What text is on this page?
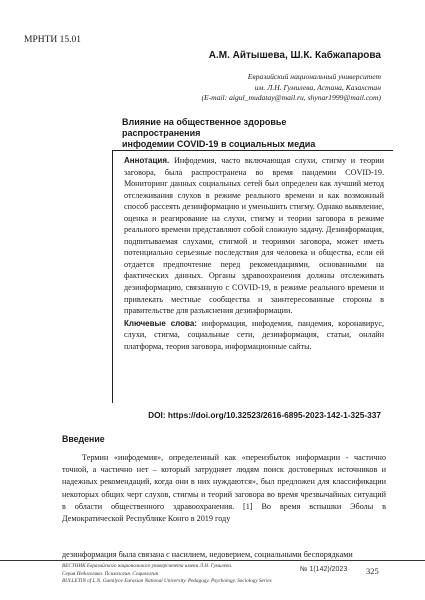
МРНТИ 15.01
А.М. Айтышева, Ш.К. Кабжапарова
Евразийский национальный университет
им. Л.Н. Гумилева, Астана, Казахстан
(E-mail: aigul_mudatay@mail.ru, shynar1999@mail.com)
Влияние на общественное здоровье распространения
инфодемии COVID-19 в социальных медиа
Аннотация. Инфодемия, часто включающая слухи, стигму и теории заговора, была распространена во время пандемии COVID-19. Мониторинг данных социальных сетей был определен как лучший метод отслеживания слухов в режиме реального времени и как возможный способ рассеять дезинформацию и уменьшить стигму. Однако выявление, оценка и реагирование на слухи, стигму и теории заговора в режиме реального времени представляют собой сложную задачу. Дезинформация, подпитываемая слухами, стигмой и теориями заговора, может иметь потенциально серьезные последствия для человека и общества, если ей отдается предпочтение перед рекомендациями, основанными на фактических данных. Органы здравоохранения должны отслеживать дезинформацию, связанную с COVID-19, в режиме реального времени и привлекать местные сообщества и заинтересованные стороны в правительстве для разъяснения дезинформации.
Ключевые слова: информация, инфодемия, пандемия, коронавирус, слухи, стигма, социальные сети, дезинформация, статьи, онлайн платформа, теория заговора, информационные сайты.
DOI: https://doi.org/10.32523/2616-6895-2023-142-1-325-337
Введение
Термин «инфодемия», определенный как «переизбыток информации - частично точной, а частично нет – который затрудняет людям поиск достоверных источников и надежных рекомендаций, когда они в них нуждаются», был предложен для классификации некоторых общих черт слухов, стигмы и теорий заговора во время чрезвычайных ситуаций в области общественного здравоохранения. [1] Во время вспышки Эболы в Демократической Республике Конго в 2019 году
дезинформация была связана с насилием, недоверием, социальными беспорядками
ВЕСТНИК Евразийского национального университета имени Л.Н. Гумилева.
Серия Педагогика. Психология. Социология
BULLETIN of L.N. Gumilyov Eurasian National University. Pedagogy. Psychology. Sociology Series
№ 1(142)/2023 325
